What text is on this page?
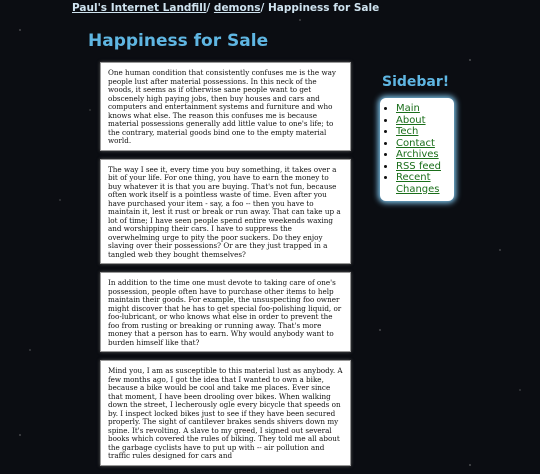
Paul's Internet Landfill/ demons/ Happiness for Sale
Happiness for Sale
One human condition that consistently confuses me is the way people lust after material possessions. In this neck of the woods, it seems as if otherwise sane people want to get obscenely high paying jobs, then buy houses and cars and computers and entertainment systems and furniture and who knows what else. The reason this confuses me is because material possessions generally add little value to one's life; to the contrary, material goods bind one to the empty material world.
The way I see it, every time you buy something, it takes over a bit of your life. For one thing, you have to earn the money to buy whatever it is that you are buying. That's not fun, because often work itself is a pointless waste of time. Even after you have purchased your item - say, a foo -- then you have to maintain it, lest it rust or break or run away. That can take up a lot of time; I have seen people spend entire weekends waxing and worshipping their cars. I have to suppress the overwhelming urge to pity the poor suckers. Do they enjoy slaving over their possessions? Or are they just trapped in a tangled web they bought themselves?
In addition to the time one must devote to taking care of one's possession, people often have to purchase other items to help maintain their goods. For example, the unsuspecting foo owner might discover that he has to get special foo-polishing liquid, or foo-lubricant, or who knows what else in order to prevent the foo from rusting or breaking or running away. That's more money that a person has to earn. Why would anybody want to burden himself like that?
Mind you, I am as susceptible to this material lust as anybody. A few months ago, I got the idea that I wanted to own a bike, because a bike would be cool and take me places. Ever since that moment, I have been drooling over bikes. When walking down the street, I lecherously ogle every bicycle that speeds on by. I inspect locked bikes just to see if they have been secured properly. The sight of cantilever brakes sends shivers down my spine. It's revolting. A slave to my greed, I signed out several books which covered the rules of biking. They told me all about the garbage cyclists have to put up with -- air pollution and traffic rules designed for cars and
Sidebar!
• Main
• About
• Tech
• Contact
• Archives
• RSS feed
• Recent Changes
